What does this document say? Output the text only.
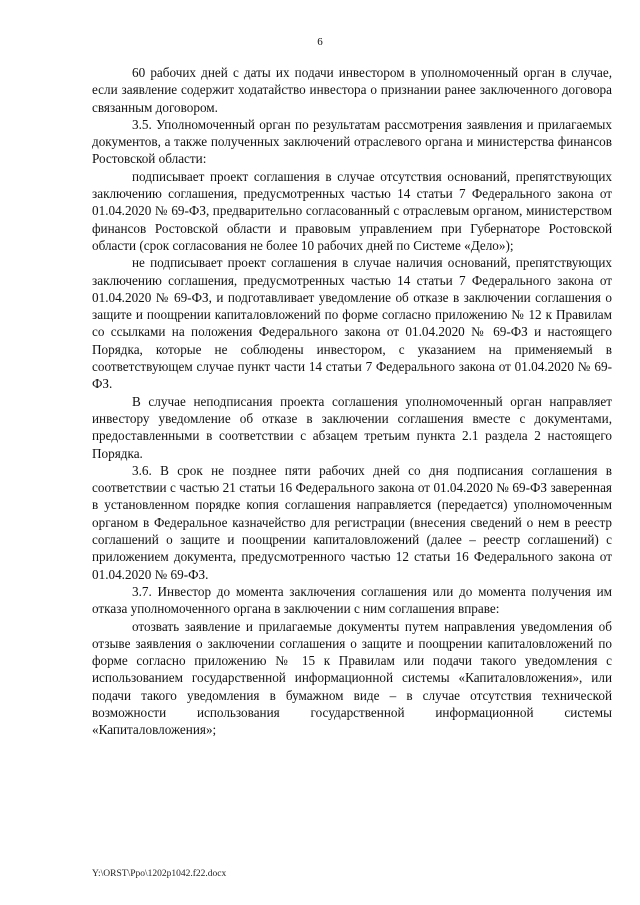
6

60 рабочих дней с даты их подачи инвестором в уполномоченный орган в случае, если заявление содержит ходатайство инвестора о признании ранее заключенного договора связанным договором.

3.5. Уполномоченный орган по результатам рассмотрения заявления и прилагаемых документов, а также полученных заключений отраслевого органа и министерства финансов Ростовской области:

подписывает проект соглашения в случае отсутствия оснований, препятствующих заключению соглашения, предусмотренных частью 14 статьи 7 Федерального закона от 01.04.2020 № 69-ФЗ, предварительно согласованный с отраслевым органом, министерством финансов Ростовской области и правовым управлением при Губернаторе Ростовской области (срок согласования не более 10 рабочих дней по Системе «Дело»);

не подписывает проект соглашения в случае наличия оснований, препятствующих заключению соглашения, предусмотренных частью 14 статьи 7 Федерального закона от 01.04.2020 № 69-ФЗ, и подготавливает уведомление об отказе в заключении соглашения о защите и поощрении капиталовложений по форме согласно приложению № 12 к Правилам со ссылками на положения Федерального закона от 01.04.2020 № 69-ФЗ и настоящего Порядка, которые не соблюдены инвестором, с указанием на применяемый в соответствующем случае пункт части 14 статьи 7 Федерального закона от 01.04.2020 № 69-ФЗ.

В случае неподписания проекта соглашения уполномоченный орган направляет инвестору уведомление об отказе в заключении соглашения вместе с документами, предоставленными в соответствии с абзацем третьим пункта 2.1 раздела 2 настоящего Порядка.

3.6. В срок не позднее пяти рабочих дней со дня подписания соглашения в соответствии с частью 21 статьи 16 Федерального закона от 01.04.2020 № 69-ФЗ заверенная в установленном порядке копия соглашения направляется (передается) уполномоченным органом в Федеральное казначейство для регистрации (внесения сведений о нем в реестр соглашений о защите и поощрении капиталовложений (далее – реестр соглашений) с приложением документа, предусмотренного частью 12 статьи 16 Федерального закона от 01.04.2020 № 69-ФЗ.

3.7. Инвестор до момента заключения соглашения или до момента получения им отказа уполномоченного органа в заключении с ним соглашения вправе:

отозвать заявление и прилагаемые документы путем направления уведомления об отзыве заявления о заключении соглашения о защите и поощрении капиталовложений по форме согласно приложению № 15 к Правилам или подачи такого уведомления с использованием государственной информационной системы «Капиталовложения», или подачи такого уведомления в бумажном виде – в случае отсутствия технической возможности использования государственной информационной системы «Капиталовложения»;

Y:\ORST\Ppo\1202p1042.f22.docx
